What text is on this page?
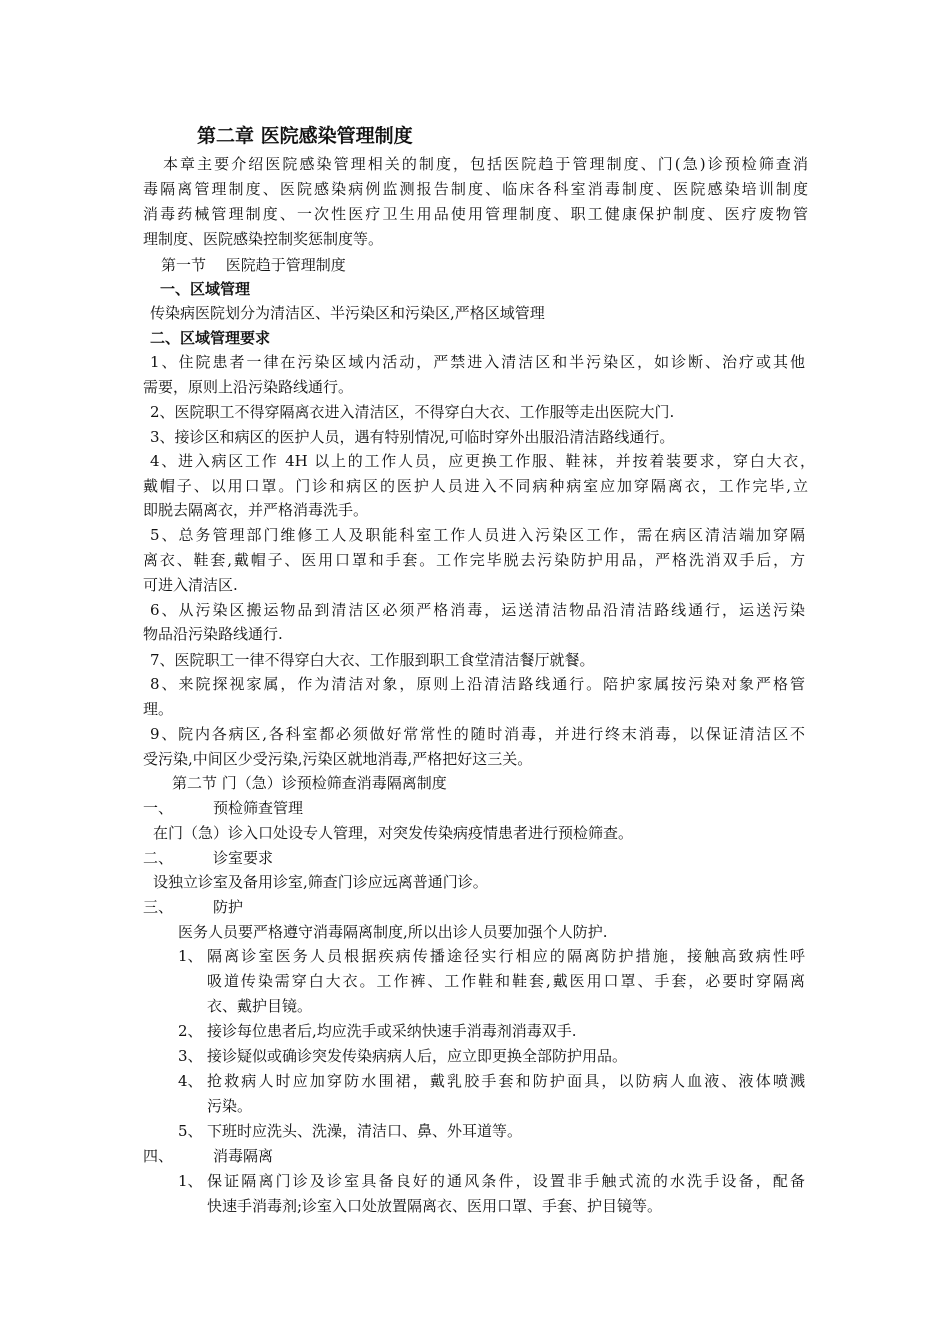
第二章 医院感染管理制度
本章主要介绍医院感染管理相关的制度，包括医院趋于管理制度、门(急)诊预检筛查消
毒隔离管理制度、医院感染病例监测报告制度、临床各科室消毒制度、医院感染培训制度
消毒药械管理制度、一次性医疗卫生用品使用管理制度、职工健康保护制度、医疗废物管
理制度、医院感染控制奖惩制度等。
第一节　 医院趋于管理制度
一、区域管理
传染病医院划分为清洁区、半污染区和污染区,严格区域管理
二、区域管理要求
1、住院患者一律在污染区域内活动，严禁进入清洁区和半污染区，如诊断、治疗或其他
需要，原则上沿污染路线通行。
2、医院职工不得穿隔离衣进入清洁区，不得穿白大衣、工作服等走出医院大门.
3、接诊区和病区的医护人员，遇有特别情况,可临时穿外出服沿清洁路线通行。
4、进入病区工作 4H 以上的工作人员，应更换工作服、鞋袜，并按着装要求，穿白大衣，
戴帽子、以用口罩。门诊和病区的医护人员进入不同病种病室应加穿隔离衣，工作完毕,立
即脱去隔离衣，并严格消毒洗手。
5、总务管理部门维修工人及职能科室工作人员进入污染区工作，需在病区清洁端加穿隔
离衣、鞋套,戴帽子、医用口罩和手套。工作完毕脱去污染防护用品，严格洗消双手后，方
可进入清洁区.
6、从污染区搬运物品到清洁区必须严格消毒，运送清洁物品沿清洁路线通行，运送污染
物品沿污染路线通行.
7、医院职工一律不得穿白大衣、工作服到职工食堂清洁餐厅就餐。
8、来院探视家属，作为清洁对象，原则上沿清洁路线通行。陪护家属按污染对象严格管
理。
9、院内各病区,各科室都必须做好常常性的随时消毒，并进行终末消毒，以保证清洁区不
受污染,中间区少受污染,污染区就地消毒,严格把好这三关。
第二节 门（急）诊预检筛查消毒隔离制度
一、	预检筛查管理
在门（急）诊入口处设专人管理，对突发传染病疫情患者进行预检筛查。
二、	诊室要求
设独立诊室及备用诊室,筛查门诊应远离普通门诊。
三、	防护
医务人员要严格遵守消毒隔离制度,所以出诊人员要加强个人防护.
1、 隔离诊室医务人员根据疾病传播途径实行相应的隔离防护措施，接触高致病性呼
吸道传染需穿白大衣。工作裤、工作鞋和鞋套,戴医用口罩、手套，必要时穿隔离
衣、戴护目镜。
2、 接诊每位患者后,均应洗手或采纳快速手消毒剂消毒双手.
3、 接诊疑似或确诊突发传染病病人后，应立即更换全部防护用品。
4、 抢救病人时应加穿防水围裙，戴乳胶手套和防护面具，以防病人血液、液体喷溅
污染。
5、 下班时应洗头、洗澡，清洁口、鼻、外耳道等。
四、	消毒隔离
1、 保证隔离门诊及诊室具备良好的通风条件，设置非手触式流的水洗手设备，配备
快速手消毒剂;诊室入口处放置隔离衣、医用口罩、手套、护目镜等。
